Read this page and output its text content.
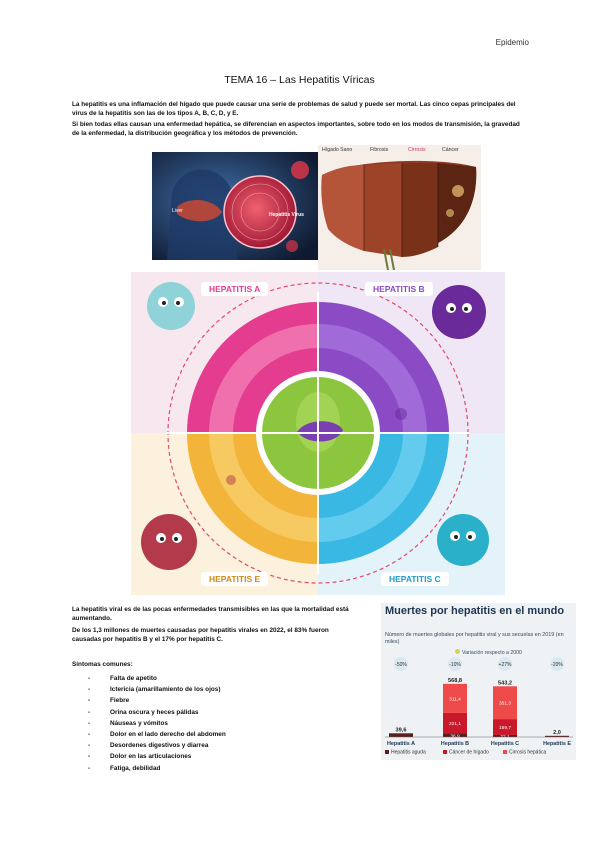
Epidemio
TEMA 16 – Las Hepatitis Víricas
La hepatitis es una inflamación del hígado que puede causar una serie de problemas de salud y puede ser mortal. Las cinco cepas principales del virus de la hepatitis son las de los tipos A, B, C, D, y E.
Si bien todas ellas causan una enfermedad hepática, se diferencian en aspectos importantes, sobre todo en los modos de transmisión, la gravedad de la enfermedad, la distribución geográfica y los métodos de prevención.
Liver
Hepatitis Virus
Hígado Sano	Fibrosis	Cirrosis	Cáncer
HEPATITIS A	HEPATITIS B
HEPATITIS E	HEPATITIS C
La hepatitis viral es de las pocas enfermedades transmisibles en las que la mortalidad está aumentando.
De los 1,3 millones de muertes causadas por hepatitis virales en 2022, el 83% fueron causadas por hepatitis B y el 17% por hepatitis C.
Síntomas comunes:
- Falta de apetito
- Ictericia (amarillamiento de los ojos)
- Fiebre
- Orina oscura y heces pálidas
- Náuseas y vómitos
- Dolor en el lado derecho del abdomen
- Desordenes digestivos y diarrea
- Dolor en las articulaciones
- Fatiga, debilidad
Muertes por hepatitis en el mundo
Número de muertes globales por hepatitis viral y sus secuelas en 2019 (en miles)
Variación respecto a 2000
-50%
39,6
Hepatitis A
-10%
36,9
221,1
311,4
568,8
Hepatitis B
+27%
22,1
169,7
351,3
543,2
Hepatitis C
-20%
2,0
Hepatitis E
Hepatitis aguda	Cáncer de hígado	Cirrosis hepática
